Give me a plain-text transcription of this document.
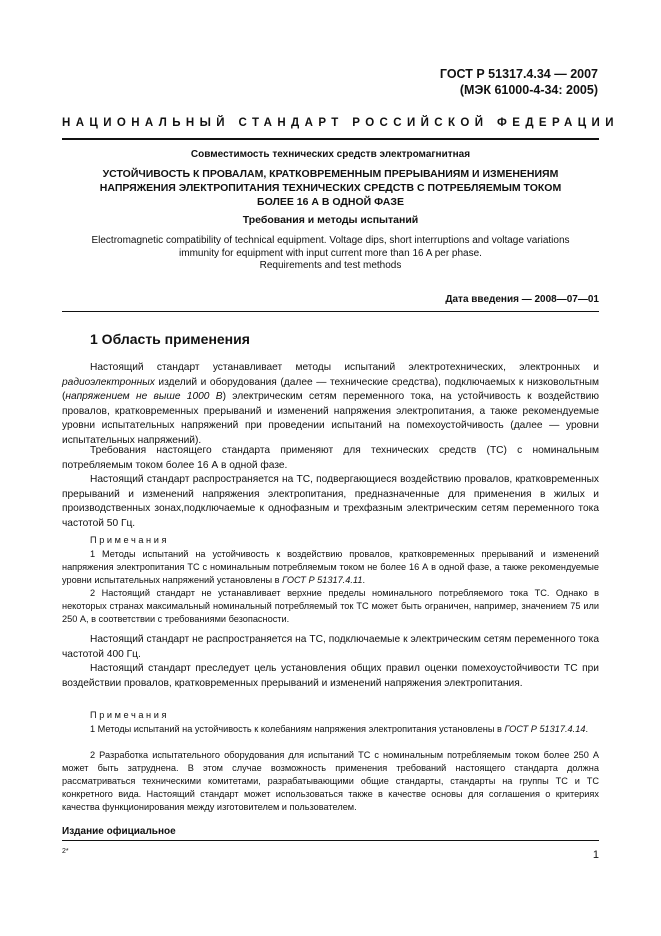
ГОСТ Р 51317.4.34 — 2007
(МЭК 61000-4-34: 2005)
НАЦИОНАЛЬНЫЙ СТАНДАРТ РОССИЙСКОЙ ФЕДЕРАЦИИ
Совместимость технических средств электромагнитная
УСТОЙЧИВОСТЬ К ПРОВАЛАМ, КРАТКОВРЕМЕННЫМ ПРЕРЫВАНИЯМ И ИЗМЕНЕНИЯМ
НАПРЯЖЕНИЯ ЭЛЕКТРОПИТАНИЯ ТЕХНИЧЕСКИХ СРЕДСТВ С ПОТРЕБЛЯЕМЫМ ТОКОМ
БОЛЕЕ 16 А В ОДНОЙ ФАЗЕ
Требования и методы испытаний
Electromagnetic compatibility of technical equipment. Voltage dips, short interruptions and voltage variations
immunity for equipment with input current more than 16 A per phase.
Requirements and test methods
Дата введения — 2008—07—01
1 Область применения

Настоящий стандарт устанавливает методы испытаний электротехнических, электронных и радиоэлектронных изделий и оборудования (далее — технические средства), подключаемых к низковольтным (напряжением не выше 1000 В) электрическим сетям переменного тока, на устойчивость к воздействию провалов, кратковременных прерываний и изменений напряжения электропитания, а также рекомендуемые уровни испытательных напряжений при проведении испытаний на помехоустойчивость (далее — уровни испытательных напряжений).

Требования настоящего стандарта применяют для технических средств (ТС) с номинальным потребляемым током более 16 А в одной фазе.

Настоящий стандарт распространяется на ТС, подвергающиеся воздействию провалов, кратковременных прерываний и изменений напряжения электропитания, предназначенные для применения в жилых и производственных зонах,подключаемые к однофазным и трехфазным электрическим сетям переменного тока частотой 50 Гц.

Примечания

1 Методы испытаний на устойчивость к воздействию провалов, кратковременных прерываний и изменений напряжения электропитания ТС с номинальным потребляемым током не более 16 А в одной фазе, а также рекомендуемые уровни испытательных напряжений установлены в ГОСТ Р 51317.4.11.

2 Настоящий стандарт не устанавливает верхние пределы номинального потребляемого тока ТС. Однако в некоторых странах максимальный номинальный потребляемый ток ТС может быть ограничен, например, значением 75 или 250 А, в соответствии с требованиями безопасности.

Настоящий стандарт не распространяется на ТС, подключаемые к электрическим сетям переменного тока частотой 400 Гц.

Настоящий стандарт преследует цель установления общих правил оценки помехоустойчивости ТС при воздействии провалов, кратковременных прерываний и изменений напряжения электропитания.

Примечания

1 Методы испытаний на устойчивость к колебаниям напряжения электропитания установлены в ГОСТ Р 51317.4.14.

2 Разработка испытательного оборудования для испытаний ТС с номинальным потребляемым током более 250 А может быть затруднена. В этом случае возможность применения требований настоящего стандарта должна рассматриваться техническими комитетами, разрабатывающими общие стандарты, стандарты на группы ТС и ТС конкретного вида. Настоящий стандарт может использоваться также в качестве основы для соглашения о критериях качества функционирования между изготовителем и пользователем.

Издание официальное
2*	1
